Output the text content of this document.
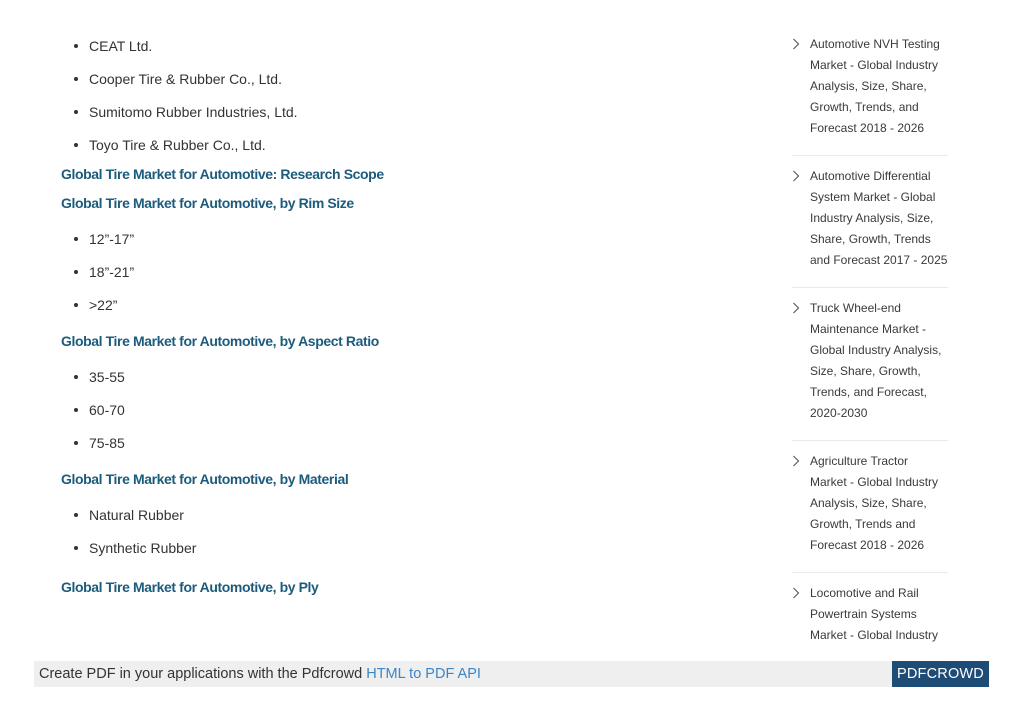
CEAT Ltd.
Cooper Tire & Rubber Co., Ltd.
Sumitomo Rubber Industries, Ltd.
Toyo Tire & Rubber Co., Ltd.
Global Tire Market for Automotive: Research Scope
Global Tire Market for Automotive, by Rim Size
12”-17”
18”-21”
>22”
Global Tire Market for Automotive, by Aspect Ratio
35-55
60-70
75-85
Global Tire Market for Automotive, by Material
Natural Rubber
Synthetic Rubber
Global Tire Market for Automotive, by Ply
Automotive NVH Testing Market - Global Industry Analysis, Size, Share, Growth, Trends, and Forecast 2018 - 2026
Automotive Differential System Market - Global Industry Analysis, Size, Share, Growth, Trends and Forecast 2017 - 2025
Truck Wheel-end Maintenance Market - Global Industry Analysis, Size, Share, Growth, Trends, and Forecast, 2020-2030
Agriculture Tractor Market - Global Industry Analysis, Size, Share, Growth, Trends and Forecast 2018 - 2026
Locomotive and Rail Powertrain Systems Market - Global Industry
Create PDF in your applications with the Pdfcrowd HTML to PDF API	PDFCROWD
